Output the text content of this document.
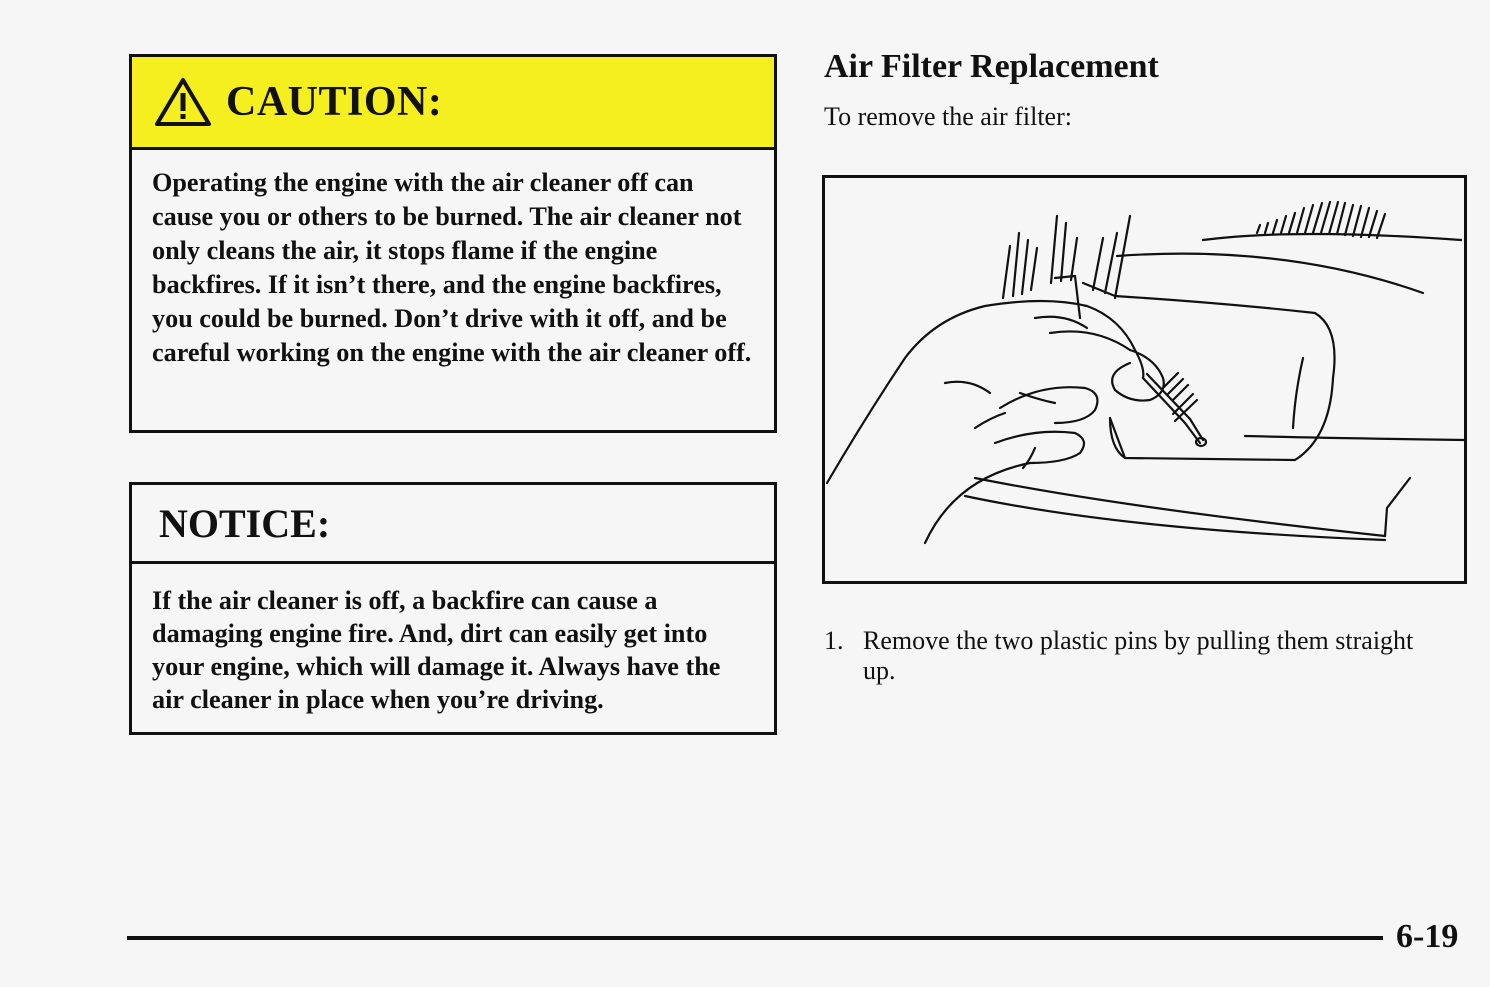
CAUTION:
Operating the engine with the air cleaner off can cause you or others to be burned. The air cleaner not only cleans the air, it stops flame if the engine backfires. If it isn’t there, and the engine backfires, you could be burned. Don’t drive with it off, and be careful working on the engine with the air cleaner off.
NOTICE:
If the air cleaner is off, a backfire can cause a damaging engine fire. And, dirt can easily get into your engine, which will damage it. Always have the air cleaner in place when you’re driving.
Air Filter Replacement
To remove the air filter:
1. Remove the two plastic pins by pulling them straight up.
6-19
